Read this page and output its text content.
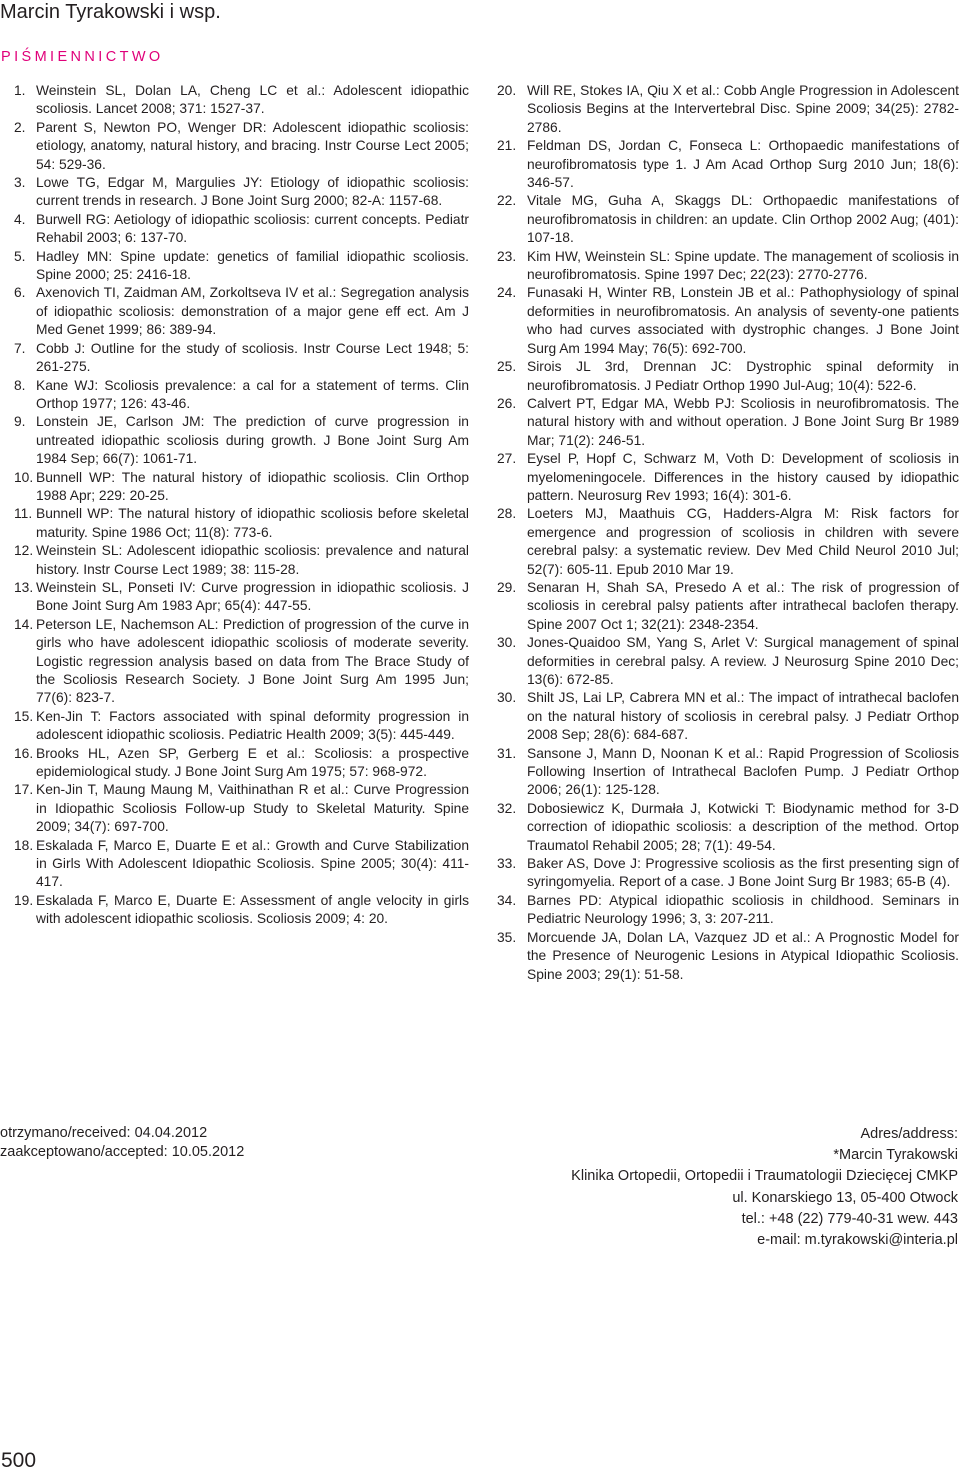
Marcin Tyrakowski i wsp.
PIŚMIENNICTWO
1. Weinstein SL, Dolan LA, Cheng LC et al.: Adolescent idiopathic scoliosis. Lancet 2008; 371: 1527-37.
2. Parent S, Newton PO, Wenger DR: Adolescent idiopathic scoliosis: etiology, anatomy, natural history, and bracing. Instr Course Lect 2005; 54: 529-36.
3. Lowe TG, Edgar M, Margulies JY: Etiology of idiopathic scoliosis: current trends in research. J Bone Joint Surg 2000; 82-A: 1157-68.
4. Burwell RG: Aetiology of idiopathic scoliosis: current concepts. Pediatr Rehabil 2003; 6: 137-70.
5. Hadley MN: Spine update: genetics of familial idiopathic scoliosis. Spine 2000; 25: 2416-18.
6. Axenovich TI, Zaidman AM, Zorkoltseva IV et al.: Segregation analysis of idiopathic scoliosis: demonstration of a major gene eff ect. Am J Med Genet 1999; 86: 389-94.
7. Cobb J: Outline for the study of scoliosis. Instr Course Lect 1948; 5: 261-275.
8. Kane WJ: Scoliosis prevalence: a cal for a statement of terms. Clin Orthop 1977; 126: 43-46.
9. Lonstein JE, Carlson JM: The prediction of curve progression in untreated idiopathic scoliosis during growth. J Bone Joint Surg Am 1984 Sep; 66(7): 1061-71.
10. Bunnell WP: The natural history of idiopathic scoliosis. Clin Orthop 1988 Apr; 229: 20-25.
11. Bunnell WP: The natural history of idiopathic scoliosis before skeletal maturity. Spine 1986 Oct; 11(8): 773-6.
12. Weinstein SL: Adolescent idiopathic scoliosis: prevalence and natural history. Instr Course Lect 1989; 38: 115-28.
13. Weinstein SL, Ponseti IV: Curve progression in idiopathic scoliosis. J Bone Joint Surg Am 1983 Apr; 65(4): 447-55.
14. Peterson LE, Nachemson AL: Prediction of progression of the curve in girls who have adolescent idiopathic scoliosis of moderate severity. Logistic regression analysis based on data from The Brace Study of the Scoliosis Research Society. J Bone Joint Surg Am 1995 Jun; 77(6): 823-7.
15. Ken-Jin T: Factors associated with spinal deformity progression in adolescent idiopathic scoliosis. Pediatric Health 2009; 3(5): 445-449.
16. Brooks HL, Azen SP, Gerberg E et al.: Scoliosis: a prospective epidemiological study. J Bone Joint Surg Am 1975; 57: 968-972.
17. Ken-Jin T, Maung Maung M, Vaithinathan R et al.: Curve Progression in Idiopathic Scoliosis Follow-up Study to Skeletal Maturity. Spine 2009; 34(7): 697-700.
18. Eskalada F, Marco E, Duarte E et al.: Growth and Curve Stabilization in Girls With Adolescent Idiopathic Scoliosis. Spine 2005; 30(4): 411-417.
19. Eskalada F, Marco E, Duarte E: Assessment of angle velocity in girls with adolescent idiopathic scoliosis. Scoliosis 2009; 4: 20.
20. Will RE, Stokes IA, Qiu X et al.: Cobb Angle Progression in Adolescent Scoliosis Begins at the Intervertebral Disc. Spine 2009; 34(25): 2782-2786.
21. Feldman DS, Jordan C, Fonseca L: Orthopaedic manifestations of neurofibromatosis type 1. J Am Acad Orthop Surg 2010 Jun; 18(6): 346-57.
22. Vitale MG, Guha A, Skaggs DL: Orthopaedic manifestations of neurofibromatosis in children: an update. Clin Orthop 2002 Aug; (401): 107-18.
23. Kim HW, Weinstein SL: Spine update. The management of scoliosis in neurofibromatosis. Spine 1997 Dec; 22(23): 2770-2776.
24. Funasaki H, Winter RB, Lonstein JB et al.: Pathophysiology of spinal deformities in neurofibromatosis. An analysis of seventy-one patients who had curves associated with dystrophic changes. J Bone Joint Surg Am 1994 May; 76(5): 692-700.
25. Sirois JL 3rd, Drennan JC: Dystrophic spinal deformity in neurofibromatosis. J Pediatr Orthop 1990 Jul-Aug; 10(4): 522-6.
26. Calvert PT, Edgar MA, Webb PJ: Scoliosis in neurofibromatosis. The natural history with and without operation. J Bone Joint Surg Br 1989 Mar; 71(2): 246-51.
27. Eysel P, Hopf C, Schwarz M, Voth D: Development of scoliosis in myelomeningocele. Differences in the history caused by idiopathic pattern. Neurosurg Rev 1993; 16(4): 301-6.
28. Loeters MJ, Maathuis CG, Hadders-Algra M: Risk factors for emergence and progression of scoliosis in children with severe cerebral palsy: a systematic review. Dev Med Child Neurol 2010 Jul; 52(7): 605-11. Epub 2010 Mar 19.
29. Senaran H, Shah SA, Presedo A et al.: The risk of progression of scoliosis in cerebral palsy patients after intrathecal baclofen therapy. Spine 2007 Oct 1; 32(21): 2348-2354.
30. Jones-Quaidoo SM, Yang S, Arlet V: Surgical management of spinal deformities in cerebral palsy. A review. J Neurosurg Spine 2010 Dec; 13(6): 672-85.
30. Shilt JS, Lai LP, Cabrera MN et al.: The impact of intrathecal baclofen on the natural history of scoliosis in cerebral palsy. J Pediatr Orthop 2008 Sep; 28(6): 684-687.
31. Sansone J, Mann D, Noonan K et al.: Rapid Progression of Scoliosis Following Insertion of Intrathecal Baclofen Pump. J Pediatr Orthop 2006; 26(1): 125-128.
32. Dobosiewicz K, Durmała J, Kotwicki T: Biodynamic method for 3-D correction of idiopathic scoliosis: a description of the method. Ortop Traumatol Rehabil 2005; 28; 7(1): 49-54.
33. Baker AS, Dove J: Progressive scoliosis as the first presenting sign of syringomyelia. Report of a case. J Bone Joint Surg Br 1983; 65-B (4).
34. Barnes PD: Atypical idiopathic scoliosis in childhood. Seminars in Pediatric Neurology 1996; 3, 3: 207-211.
35. Morcuende JA, Dolan LA, Vazquez JD et al.: A Prognostic Model for the Presence of Neurogenic Lesions in Atypical Idiopathic Scoliosis. Spine 2003; 29(1): 51-58.
otrzymano/received: 04.04.2012
zaakceptowano/accepted: 10.05.2012
Adres/address:
*Marcin Tyrakowski
Klinika Ortopedii, Ortopedii i Traumatologii Dziecięcej CMKP
ul. Konarskiego 13, 05-400 Otwock
tel.: +48 (22) 779-40-31 wew. 443
e-mail: m.tyrakowski@interia.pl
500
